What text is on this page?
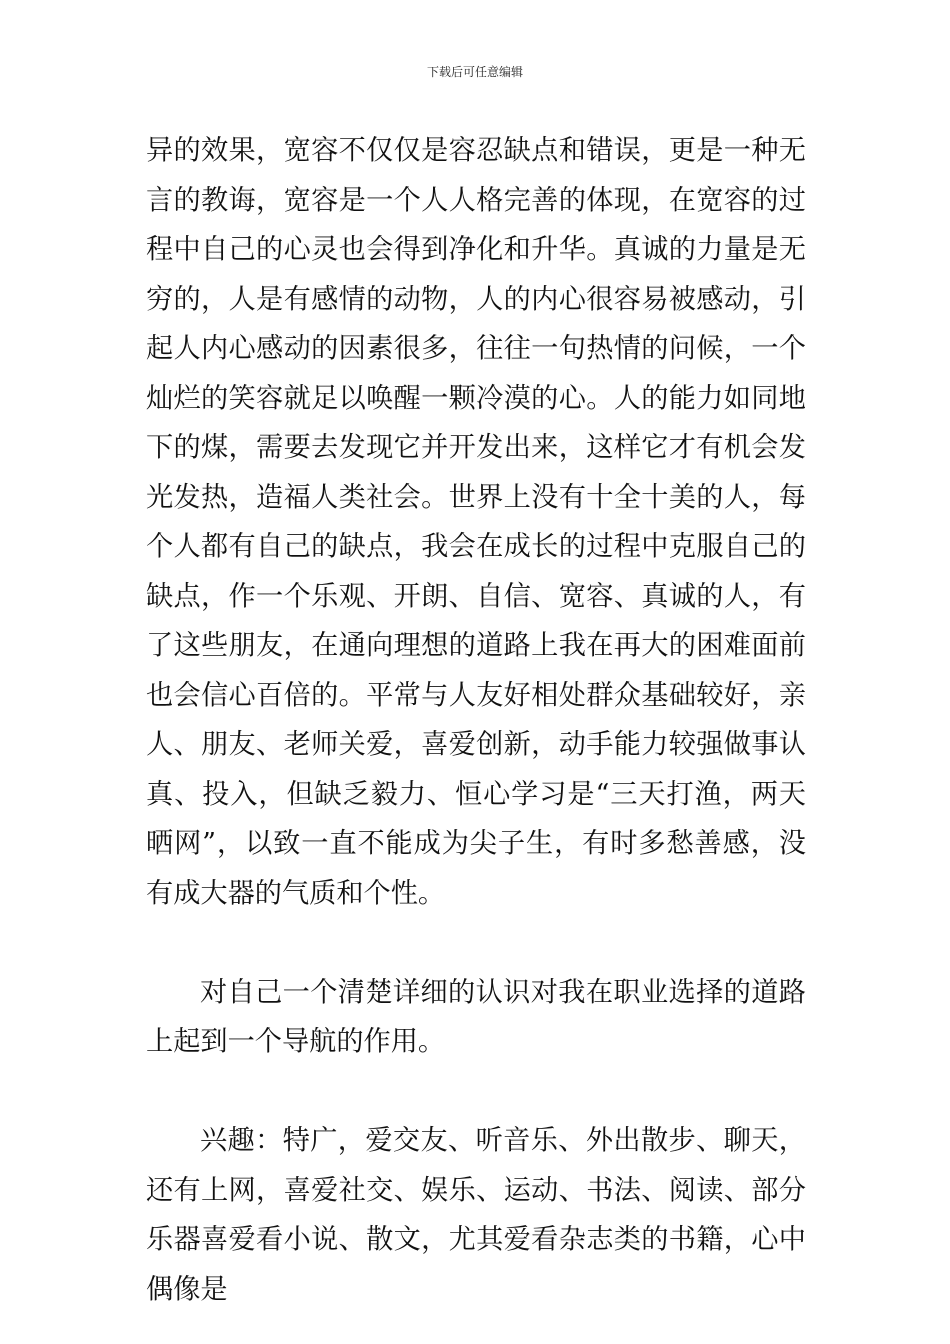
下载后可任意编辑

异的效果，宽容不仅仅是容忍缺点和错误，更是一种无言的教诲，宽容是一个人人格完善的体现，在宽容的过程中自己的心灵也会得到净化和升华。真诚的力量是无穷的，人是有感情的动物，人的内心很容易被感动，引起人内心感动的因素很多，往往一句热情的问候，一个灿烂的笑容就足以唤醒一颗冷漠的心。人的能力如同地下的煤，需要去发现它并开发出来，这样它才有机会发光发热，造福人类社会。世界上没有十全十美的人，每个人都有自己的缺点，我会在成长的过程中克服自己的缺点，作一个乐观、开朗、自信、宽容、真诚的人，有了这些朋友，在通向理想的道路上我在再大的困难面前也会信心百倍的。平常与人友好相处群众基础较好，亲人、朋友、老师关爱，喜爱创新，动手能力较强做事认真、投入，但缺乏毅力、恒心学习是“三天打渔，两天晒网”，以致一直不能成为尖子生，有时多愁善感，没有成大器的气质和个性。

对自己一个清楚详细的认识对我在职业选择的道路上起到一个导航的作用。

兴趣：特广，爱交友、听音乐、外出散步、聊天，还有上网，喜爱社交、娱乐、运动、书法、阅读、部分乐器喜爱看小说、散文，尤其爱看杂志类的书籍，心中偶像是
